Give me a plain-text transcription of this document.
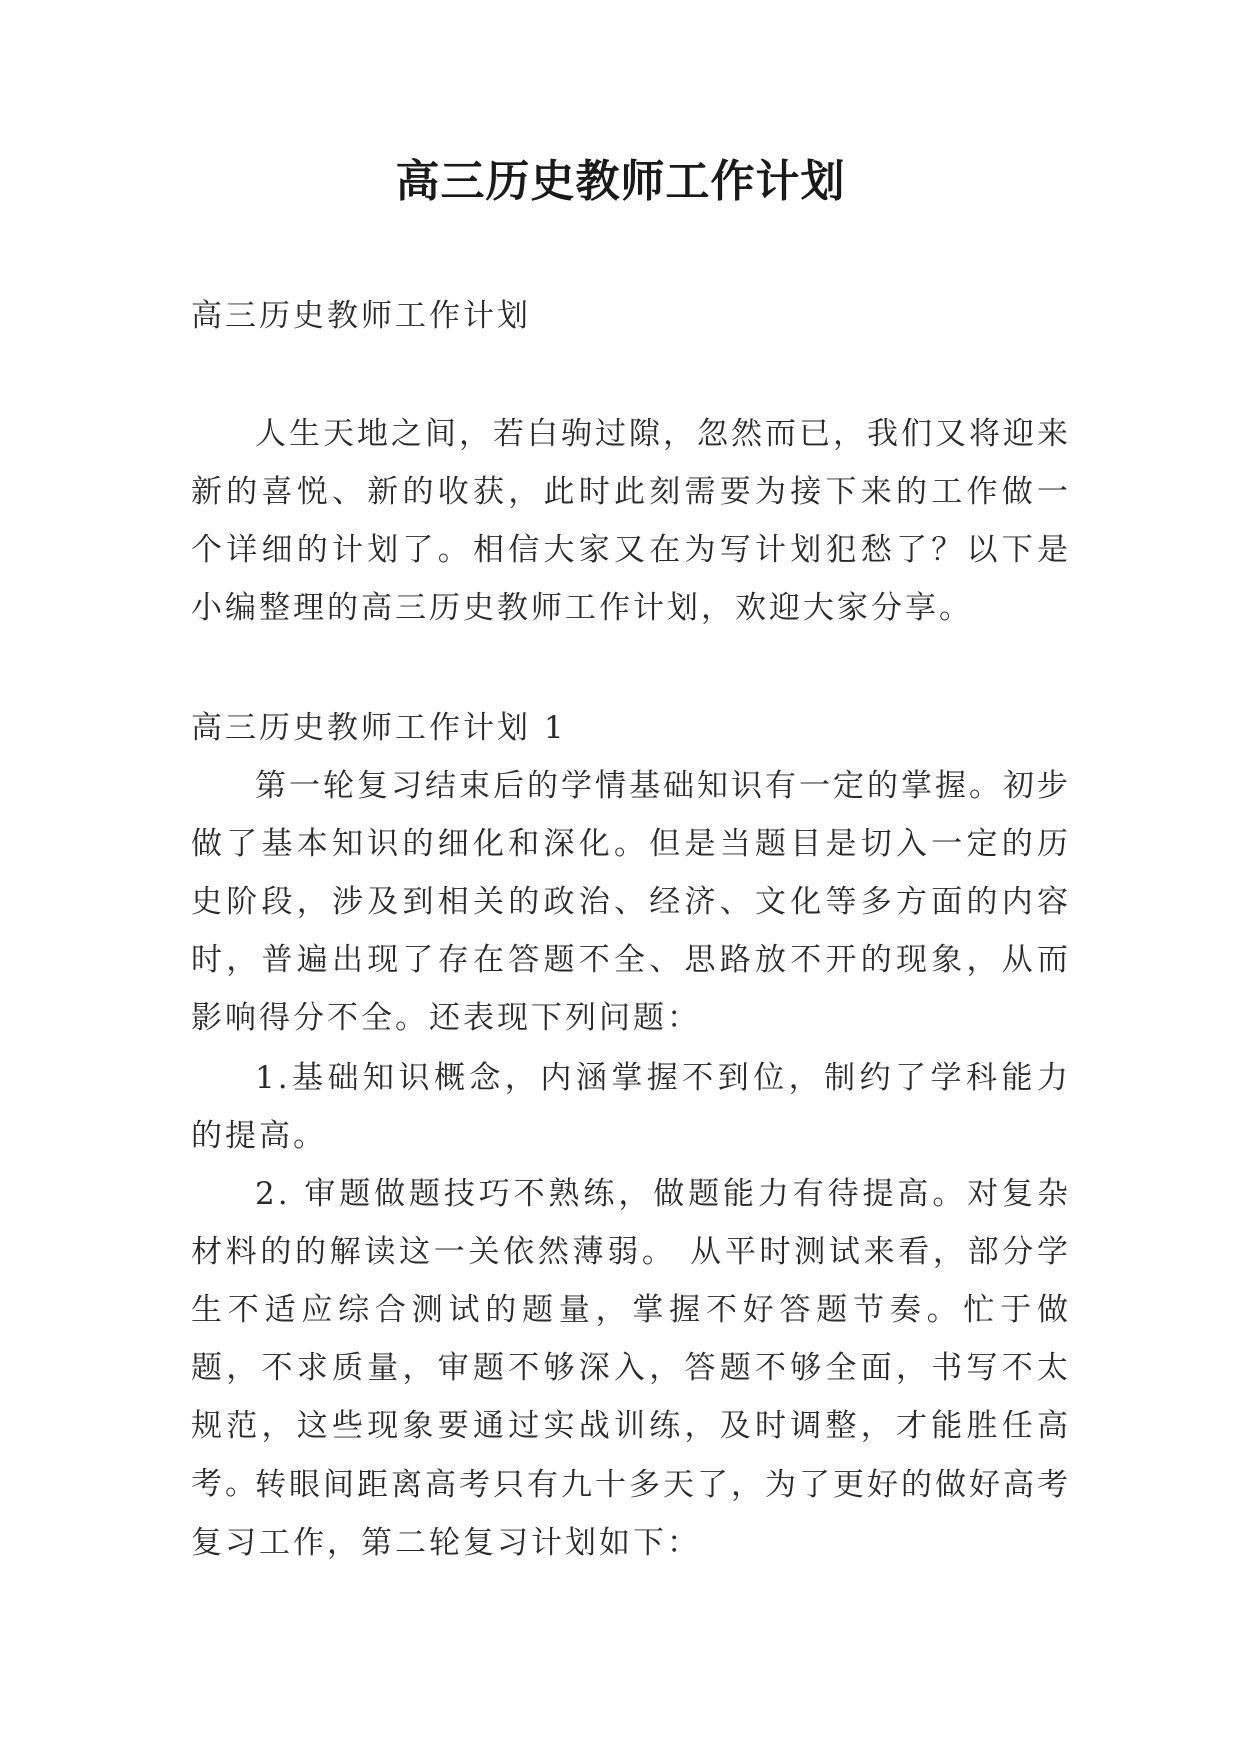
高三历史教师工作计划

高三历史教师工作计划

人生天地之间，若白驹过隙，忽然而已，我们又将迎来新的喜悦、新的收获，此时此刻需要为接下来的工作做一个详细的计划了。相信大家又在为写计划犯愁了？以下是小编整理的高三历史教师工作计划，欢迎大家分享。

高三历史教师工作计划 1

第一轮复习结束后的学情基础知识有一定的掌握。初步做了基本知识的细化和深化。但是当题目是切入一定的历史阶段，涉及到相关的政治、经济、文化等多方面的内容时，普遍出现了存在答题不全、思路放不开的现象，从而影响得分不全。还表现下列问题：

1.基础知识概念，内涵掌握不到位，制约了学科能力的提高。

2. 审题做题技巧不熟练，做题能力有待提高。对复杂材料的的解读这一关依然薄弱。 从平时测试来看，部分学生不适应综合测试的题量，掌握不好答题节奏。忙于做题，不求质量，审题不够深入，答题不够全面，书写不太规范，这些现象要通过实战训练，及时调整，才能胜任高考。

转眼间距离高考只有九十多天了，为了更好的做好高考复习工作，第二轮复习计划如下：
